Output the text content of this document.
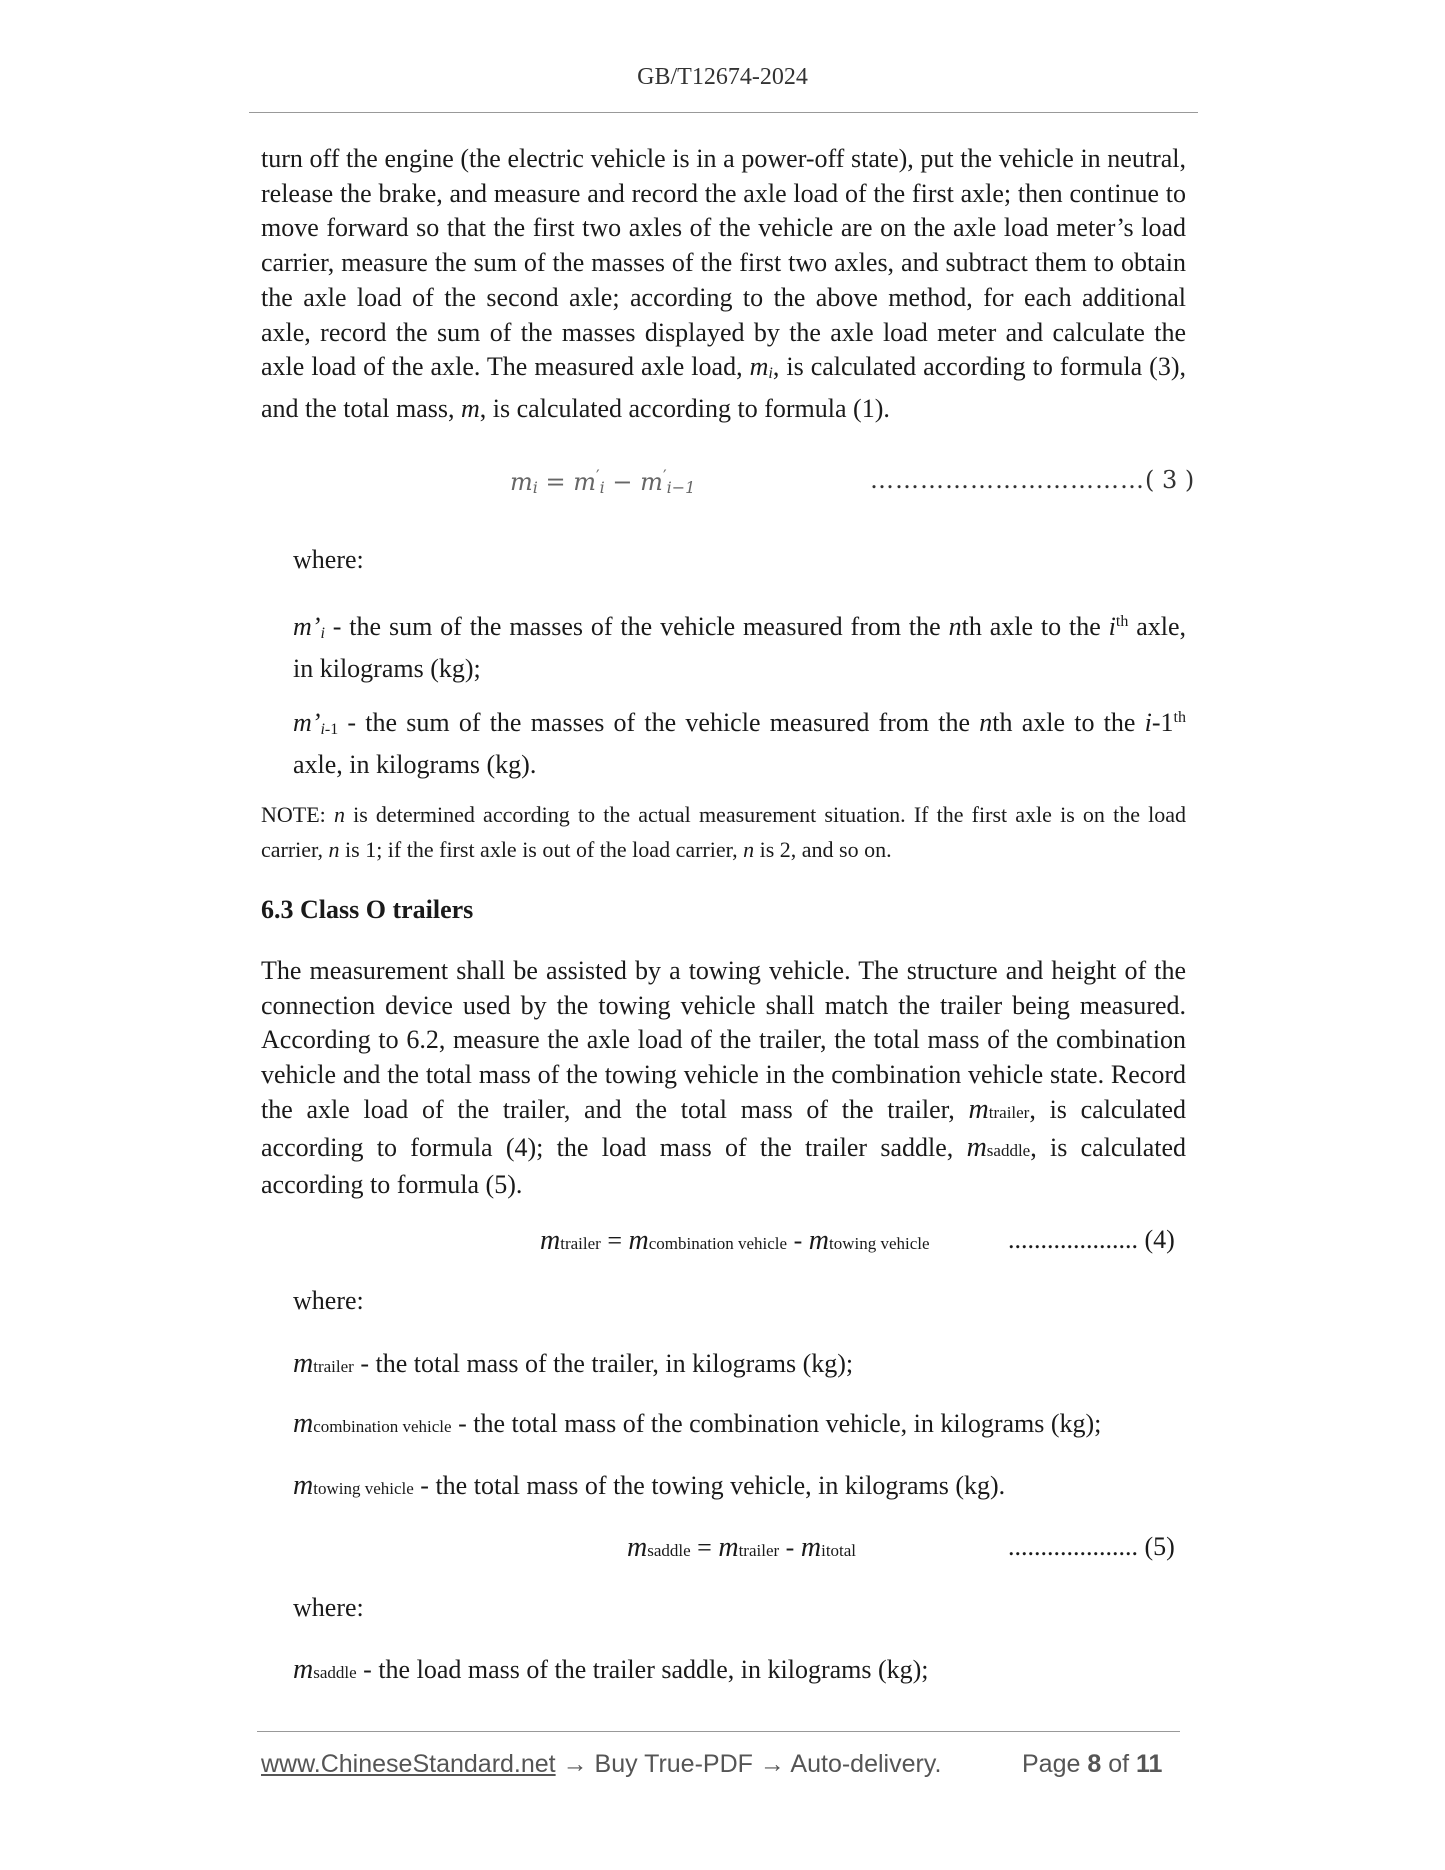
GB/T12674-2024
turn off the engine (the electric vehicle is in a power-off state), put the vehicle in neutral, release the brake, and measure and record the axle load of the first axle; then continue to move forward so that the first two axles of the vehicle are on the axle load meter’s load carrier, measure the sum of the masses of the first two axles, and subtract them to obtain the axle load of the second axle; according to the above method, for each additional axle, record the sum of the masses displayed by the axle load meter and calculate the axle load of the axle. The measured axle load, $m_i$, is calculated according to formula (3), and the total mass, m, is calculated according to formula (1).
$m_i = m'_i - m'_{i-1}$	……………………………( 3 )
where:
$m’_i$ - the sum of the masses of the vehicle measured from the nth axle to the $i^{th}$ axle, in kilograms (kg);
$m’_{i-1}$ - the sum of the masses of the vehicle measured from the nth axle to the i-1th axle, in kilograms (kg).
NOTE: n is determined according to the actual measurement situation. If the first axle is on the load carrier, n is 1; if the first axle is out of the load carrier, n is 2, and so on.
6.3 Class O trailers
The measurement shall be assisted by a towing vehicle. The structure and height of the connection device used by the towing vehicle shall match the trailer being measured. According to 6.2, measure the axle load of the trailer, the total mass of the combination vehicle and the total mass of the towing vehicle in the combination vehicle state. Record the axle load of the trailer, and the total mass of the trailer, mtrailer, is calculated according to formula (4); the load mass of the trailer saddle, msaddle, is calculated according to formula (5).
mtrailer = mcombination vehicle - mtowing vehicle	.................... (4)
where:
mtrailer - the total mass of the trailer, in kilograms (kg);
mcombination vehicle - the total mass of the combination vehicle, in kilograms (kg);
mtowing vehicle - the total mass of the towing vehicle, in kilograms (kg).
msaddle = mtrailer - mitotal	.................... (5)
where:
msaddle - the load mass of the trailer saddle, in kilograms (kg);
www.ChineseStandard.net → Buy True-PDF → Auto-delivery.	Page 8 of 11
